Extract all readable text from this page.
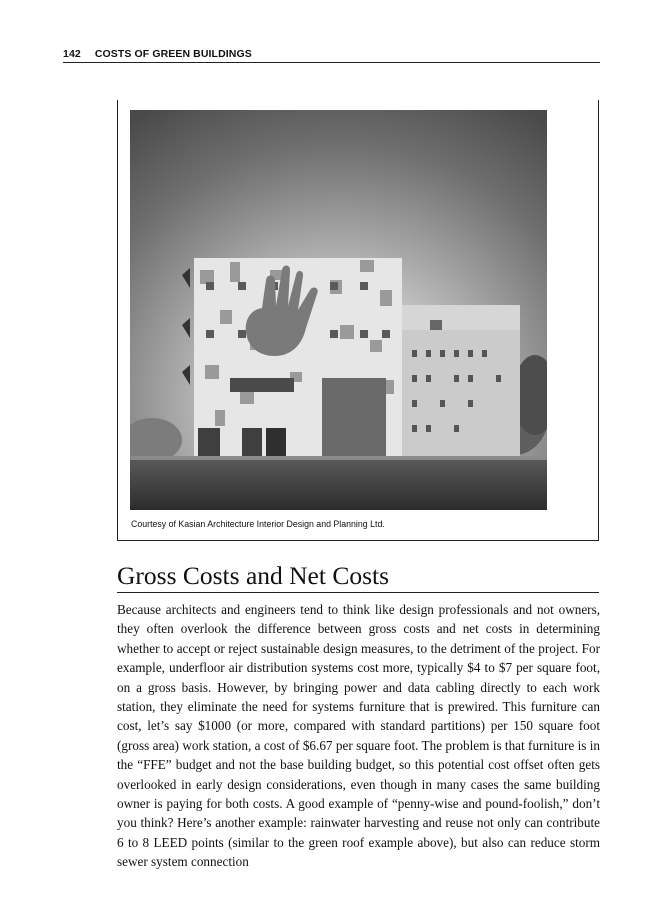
142 COSTS OF GREEN BUILDINGS
Courtesy of Kasian Architecture Interior Design and Planning Ltd.
Gross Costs and Net Costs

Because architects and engineers tend to think like design professionals and not owners, they often overlook the difference between gross costs and net costs in determining whether to accept or reject sustainable design measures, to the detriment of the project. For example, underfloor air distribution systems cost more, typically $4 to $7 per square foot, on a gross basis. However, by bringing power and data cabling directly to each work station, they eliminate the need for systems furniture that is prewired. This furniture can cost, let’s say $1000 (or more, compared with standard partitions) per 150 square foot (gross area) work station, a cost of $6.67 per square foot. The problem is that furniture is in the “FFE” budget and not the base building budget, so this potential cost offset often gets overlooked in early design considerations, even though in many cases the same building owner is paying for both costs. A good example of “penny-wise and pound-foolish,” don’t you think? Here’s another example: rainwater harvesting and reuse not only can contribute 6 to 8 LEED points (similar to the green roof example above), but also can reduce storm sewer system connection
